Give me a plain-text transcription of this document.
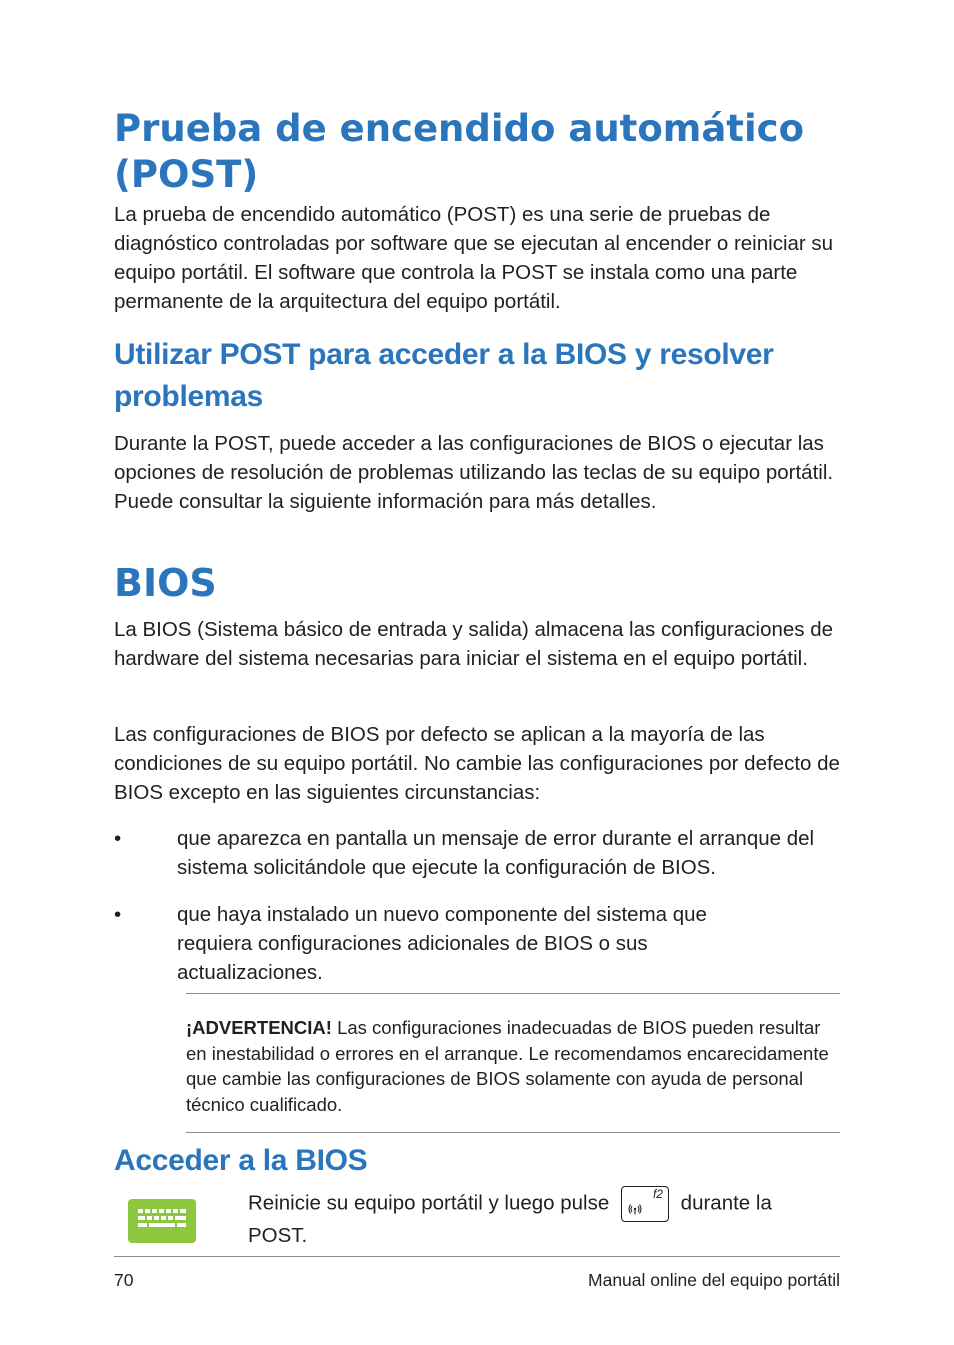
Prueba de encendido automático
(POST)

La prueba de encendido automático (POST) es una serie de pruebas de diagnóstico controladas por software que se ejecutan al encender o reiniciar su equipo portátil. El software que controla la POST se instala como una parte permanente de la arquitectura del equipo portátil.

Utilizar POST para acceder a la BIOS y resolver
problemas

Durante la POST, puede acceder a las configuraciones de BIOS o ejecutar las opciones de resolución de problemas utilizando las teclas de su equipo portátil. Puede consultar la siguiente información para más detalles.

BIOS

La BIOS (Sistema básico de entrada y salida) almacena las configuraciones de hardware del sistema necesarias para iniciar el sistema en el equipo portátil.

Las configuraciones de BIOS por defecto se aplican a la mayoría de las condiciones de su equipo portátil. No cambie las configuraciones por defecto de BIOS excepto en las siguientes circunstancias:

•	que aparezca en pantalla un mensaje de error durante el arranque del sistema solicitándole que ejecute la configuración de BIOS.
•	que haya instalado un nuevo componente del sistema que requiera configuraciones adicionales de BIOS o sus actualizaciones.
¡ADVERTENCIA! Las configuraciones inadecuadas de BIOS pueden resultar en inestabilidad o errores en el arranque. Le recomendamos encarecidamente que cambie las configuraciones de BIOS solamente con ayuda de personal técnico cualificado.
Acceder a la BIOS
Reinicie su equipo portátil y luego pulse	f2 durante la
POST.
70	Manual online del equipo portátil
